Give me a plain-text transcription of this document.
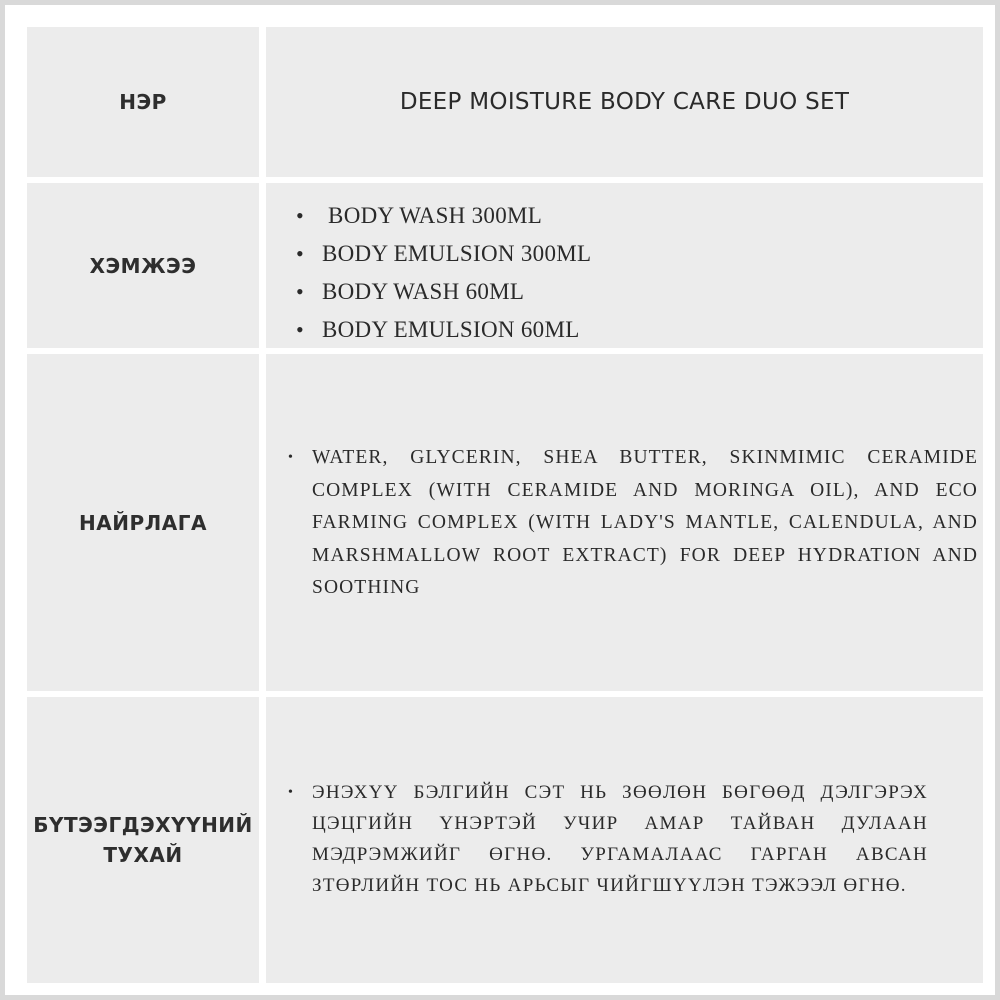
НЭР	DEEP MOISTURE BODY CARE DUO SET
ХЭМЖЭЭ
• BODY WASH 300ML
• BODY EMULSION 300ML
• BODY WASH 60ML
• BODY EMULSION 60ML
НАЙРЛАГА
• WATER, GLYCERIN, SHEA BUTTER, SKINMIMIC CERAMIDE COMPLEX (WITH CERAMIDE AND MORINGA OIL), AND ECO FARMING COMPLEX (WITH LADY'S MANTLE, CALENDULA, AND MARSHMALLOW ROOT EXTRACT) FOR DEEP HYDRATION AND SOOTHING
БҮТЭЭГДЭХҮҮНИЙ
ТУХАЙ
•	ЭНЭХҮҮ БЭЛГИЙН СЭТ НЬ ЗӨӨЛӨН БӨГӨӨД ДЭЛГЭРЭХ ЦЭЦГИЙН ҮНЭРТЭЙ УЧИР АМАР ТАЙВАН ДУЛААН МЭДРЭМЖИЙГ ӨГНӨ. УРГАМАЛААС ГАРГАН АВСАН ЗТӨРЛИЙН ТОС НЬ АРЬСЫГ ЧИЙГШҮҮЛЭН ТЭЖЭЭЛ ӨГНӨ.
